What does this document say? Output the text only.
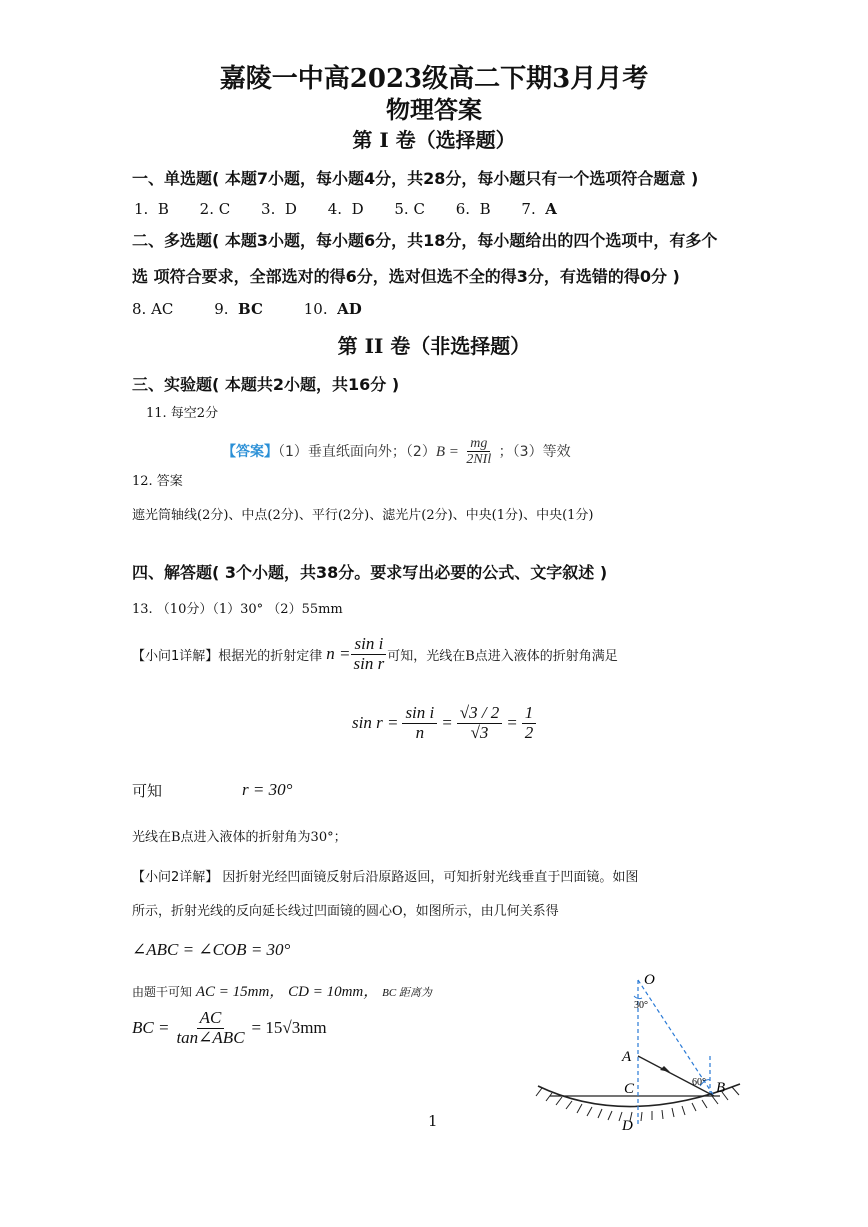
嘉陵一中高2023级高二下期3月月考
物理答案
第 I 卷（选择题）
一、单选题( 本题7小题，每小题4分，共28分，每小题只有一个选项符合题意 )
1. B 2. C 3. D 4. D 5. C 6. B 7. A
二、多选题( 本题3小题，每小题6分，共18分，每小题给出的四个选项中，有多个
选 项符合要求，全部选对的得6分，选对但选不全的得3分，有选错的得0分 )
8. AC	9. BC	10. AD
第 II 卷（非选择题）
三、实验题( 本题共2小题，共16分 )
11. 每空2分
【答案】（1）垂直纸面向外；$(2)B = \frac{mg}{\text{2NIl}}$ ；（3）等效
12. 答案
遮光筒轴线(2分)、中点(2分)、平行(2分)、滤光片(2分)、中央(1分)、中央(1分)
四、解答题( 3个小题，共38分。要求写出必要的公式、文字叙述 )
13. （10分）（1）30° （2）55mm
【小问1详解】 根据光的折射定律 $n = \frac{\text{sin i}}{\text{sin r}}$ 可知，光线在B点进入液体的折射角满足
$\sin r = \frac{\text{sin i}}{n} = \frac{√3 / 2}{√3} = \frac{1}{2}$
可知	r = 30°
光线在B点进入液体的折射角为30°；
【小问2详解】 因折射光经凹面镜反射后沿原路返回，可知折射光线垂直于凹面镜。如图
所示，折射光线的反向延长线过凹面镜的圆心O，如图所示，由几何关系得
∠ABC = ∠COB = 30°
由题干可知 AC = 15mm， CD = 10mm， BC 距离为
BC = $\frac{AC}{\text{tan∠ABC}} = 15√3mm$
O
A
B
C
D
30°
60°
1
